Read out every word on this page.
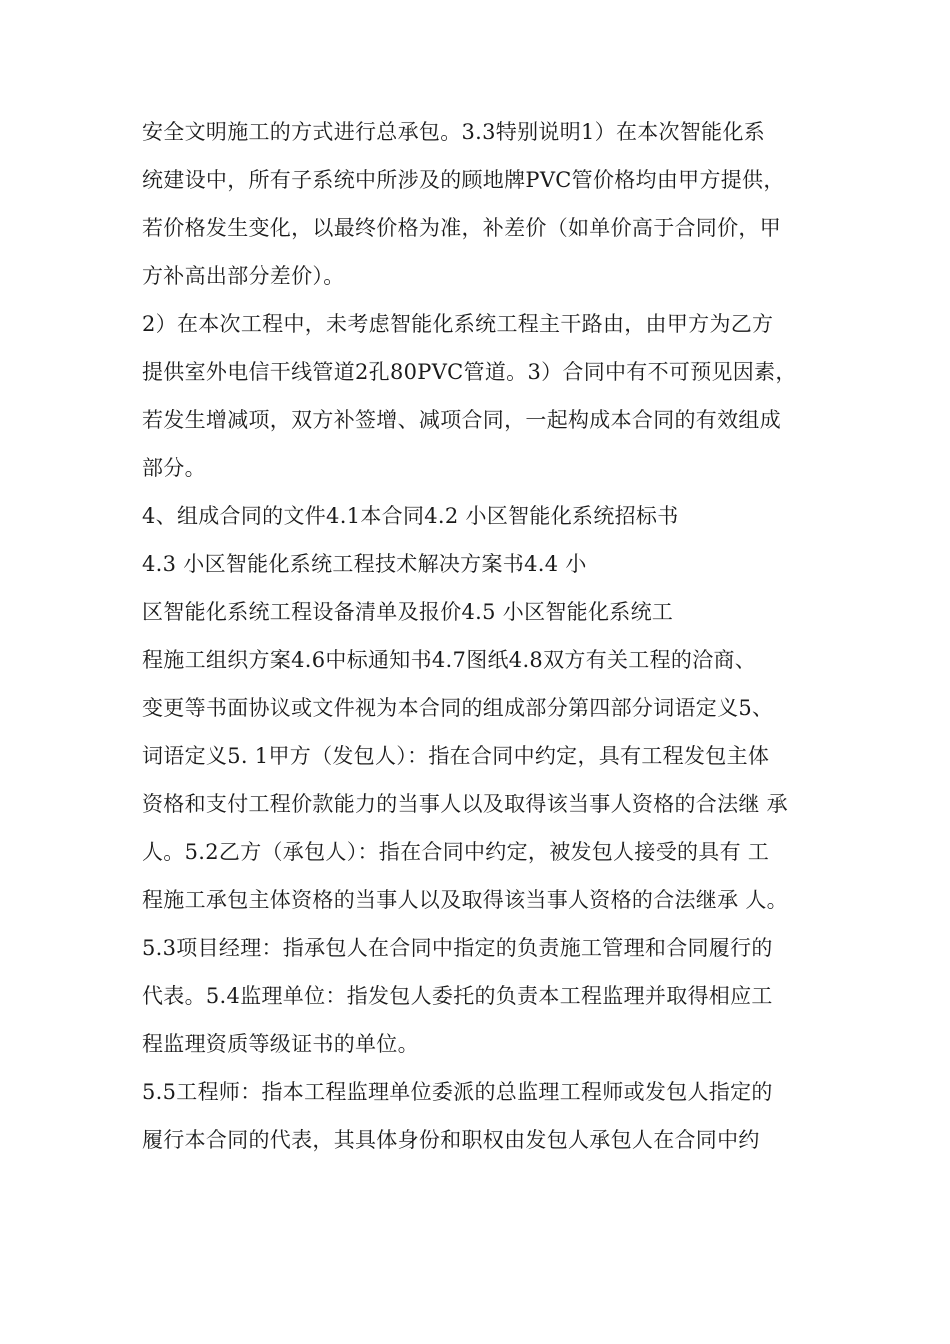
安全文明施工的方式进行总承包。3.3特别说明1）在本次智能化系
统建设中，所有子系统中所涉及的顾地牌PVC管价格均由甲方提供，
若价格发生变化，以最终价格为准，补差价（如单价高于合同价，甲
方补高出部分差价）。
2）在本次工程中，未考虑智能化系统工程主干路由，由甲方为乙方
提供室外电信干线管道2孔80PVC管道。3）合同中有不可预见因素，
若发生增减项，双方补签增、减项合同，一起构成本合同的有效组成
部分。
4、组成合同的文件4.1本合同4.2 小区智能化系统招标书
4.3 小区智能化系统工程技术解决方案书4.4 小
区智能化系统工程设备清单及报价4.5 小区智能化系统工
程施工组织方案4.6中标通知书4.7图纸4.8双方有关工程的洽商、
变更等书面协议或文件视为本合同的组成部分第四部分词语定义5、
词语定义5. 1甲方（发包人）：指在合同中约定，具有工程发包主体
资格和支付工程价款能力的当事人以及取得该当事人资格的合法继 承
人。5.2乙方（承包人）：指在合同中约定，被发包人接受的具有 工
程施工承包主体资格的当事人以及取得该当事人资格的合法继承 人。
5.3项目经理：指承包人在合同中指定的负责施工管理和合同履行的
代表。5.4监理单位：指发包人委托的负责本工程监理并取得相应工
程监理资质等级证书的单位。
5.5工程师：指本工程监理单位委派的总监理工程师或发包人指定的
履行本合同的代表，其具体身份和职权由发包人承包人在合同中约
